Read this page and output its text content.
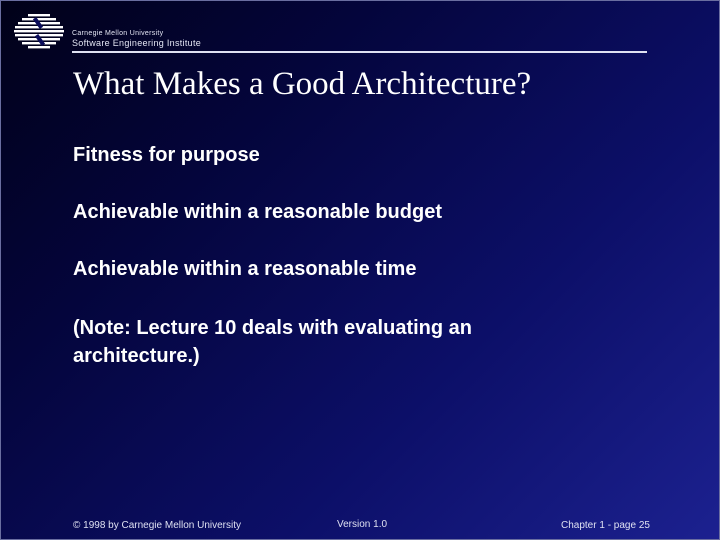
Carnegie Mellon University
Software Engineering Institute
What Makes a Good Architecture?

Fitness for purpose

Achievable within a reasonable budget

Achievable within a reasonable time

(Note: Lecture 10 deals with evaluating an architecture.)

© 1998 by Carnegie Mellon University	Version 1.0	Chapter 1 - page 25
